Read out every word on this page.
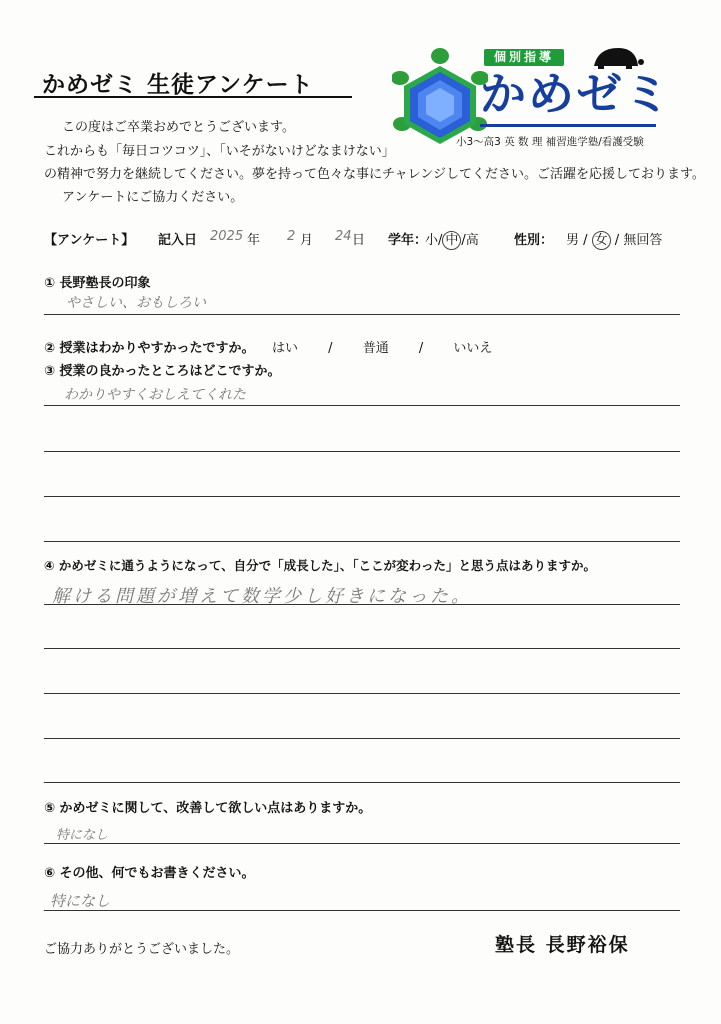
かめゼミ 生徒アンケート
個別指導
かめゼミ
小3〜高3 英 数 理 補習進学塾/看護受験
この度はご卒業おめでとうございます。
これからも「毎日コツコツ」、「いそがないけどなまけない」
の精神で努力を継続してください。夢を持って色々な事にチャレンジしてください。ご活躍を応援しております。
アンケートにご協力ください。
【アンケート】 記入日 2025 年 2 月 24 日 学年：
小/ 中 /高	性別： 男 / 女 / 無回答
① 長野塾長の印象
やさしい、おもしろい
② 授業はわかりやすかったですか。 はい / 普通 / いいえ
③ 授業の良かったところはどこですか。
わかりやすくおしえてくれた
④ かめゼミに通うようになって、自分で「成長した」、「ここが変わった」と思う点はありますか。
解ける問題が増えて数学少し好きになった。
⑤ かめゼミに関して、改善して欲しい点はありますか。
特になし
⑥ その他、何でもお書きください。
特になし
ご協力ありがとうございました。	塾長 長野裕保
